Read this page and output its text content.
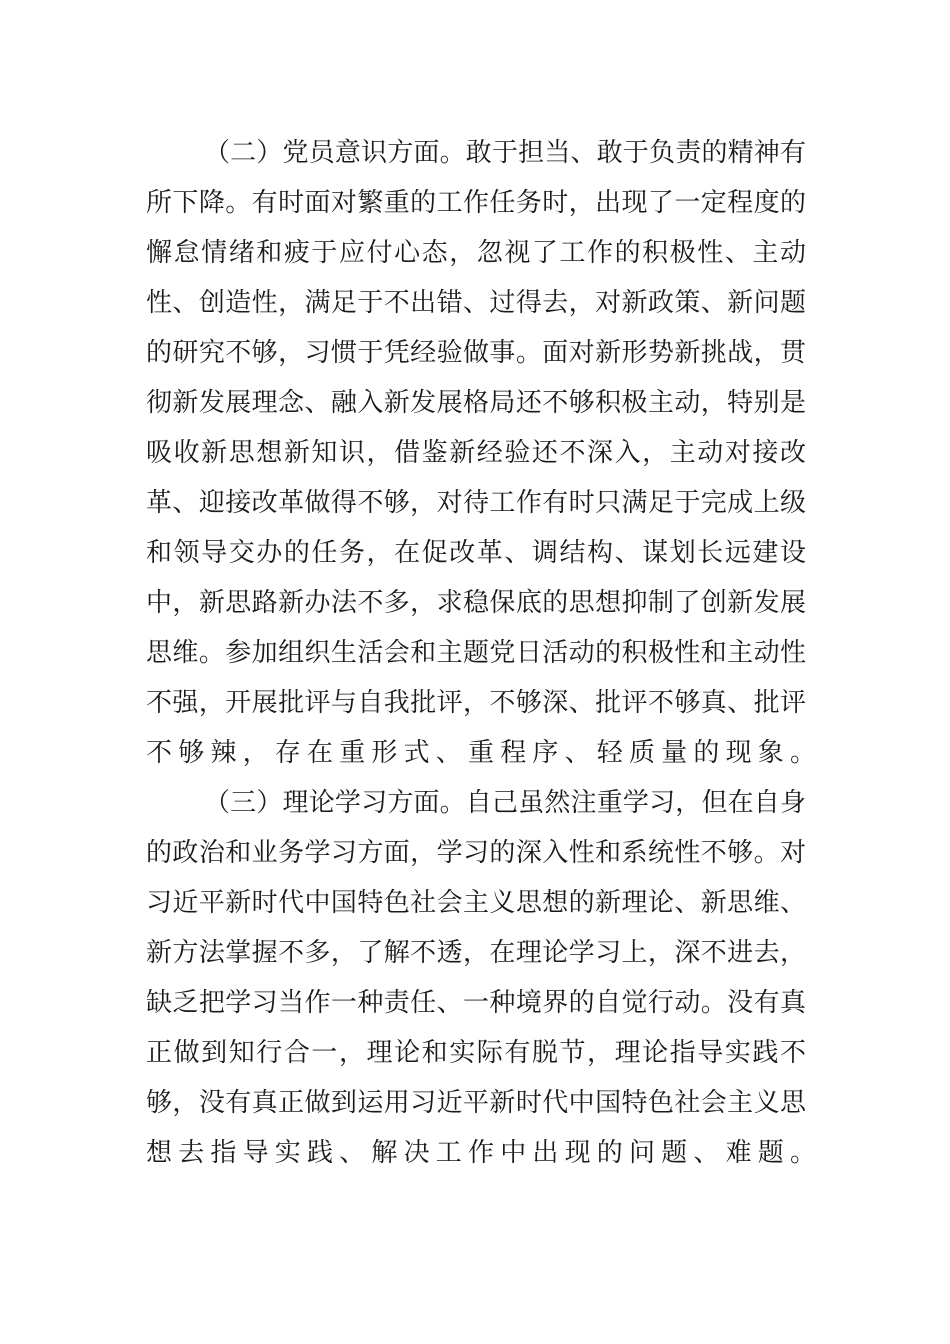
（二）党员意识方面。敢于担当、敢于负责的精神有
所下降。有时面对繁重的工作任务时，出现了一定程度的
懈怠情绪和疲于应付心态，忽视了工作的积极性、主动
性、创造性，满足于不出错、过得去，对新政策、新问题
的研究不够，习惯于凭经验做事。面对新形势新挑战，贯
彻新发展理念、融入新发展格局还不够积极主动，特别是
吸收新思想新知识，借鉴新经验还不深入，主动对接改
革、迎接改革做得不够，对待工作有时只满足于完成上级
和领导交办的任务，在促改革、调结构、谋划长远建设
中，新思路新办法不多，求稳保底的思想抑制了创新发展
思维。参加组织生活会和主题党日活动的积极性和主动性
不强，开展批评与自我批评，不够深、批评不够真、批评
不够辣，存在重形式、重程序、轻质量的现象。
（三）理论学习方面。自己虽然注重学习，但在自身
的政治和业务学习方面，学习的深入性和系统性不够。对
习近平新时代中国特色社会主义思想的新理论、新思维、
新方法掌握不多，了解不透，在理论学习上，深不进去，
缺乏把学习当作一种责任、一种境界的自觉行动。没有真
正做到知行合一，理论和实际有脱节，理论指导实践不
够，没有真正做到运用习近平新时代中国特色社会主义思
想去指导实践、解决工作中出现的问题、难题。
